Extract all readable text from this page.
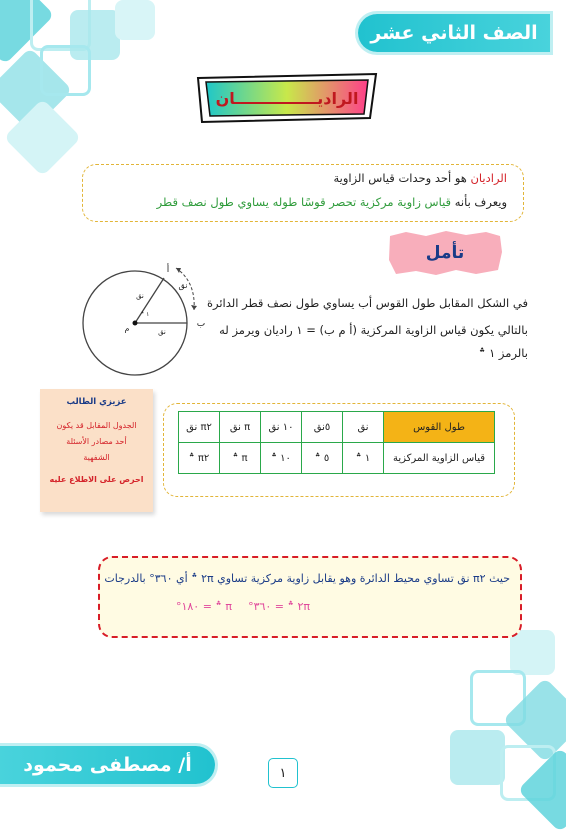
الصف الثاني عشر
الراديـــــــــــــــان
الراديان هو أحد وحدات قياس الزاوية
ويعرف بأنه قياس زاوية مركزية تحصر قوسًا طوله يساوي طول نصف قطر
تأمل
في الشكل المقابل طول القوس أب يساوي طول نصف قطر الدائرة
بالتالي يكون قياس الزاوية المركزية (أ م ب) = ١ راديان ويرمز له
بالرمز ١ ؞
نق
نق
نق
١ ؞
أ
ب
م
عزيزي الطالب
الجدول المقابل قد يكون
أحد مصادر الأسئلة
الشفهية
احرص على الاطلاع عليه
طول القوس	نق	٥نق	١٠ نق	π نق	π٢ نق
قياس الزاوية المركزية	١ ؞	٥ ؞	١٠ ؞	π ؞	π٢ ؞
حيث π٢ نق تساوي محيط الدائرة وهو يقابل زاوية مركزية تساوي ٢π ؞ أي ٣٦٠° بالدرجات
٢π ؞ = ٣٦٠°
π ؞ = ١٨٠°
أ/ مصطفى محمود	١
